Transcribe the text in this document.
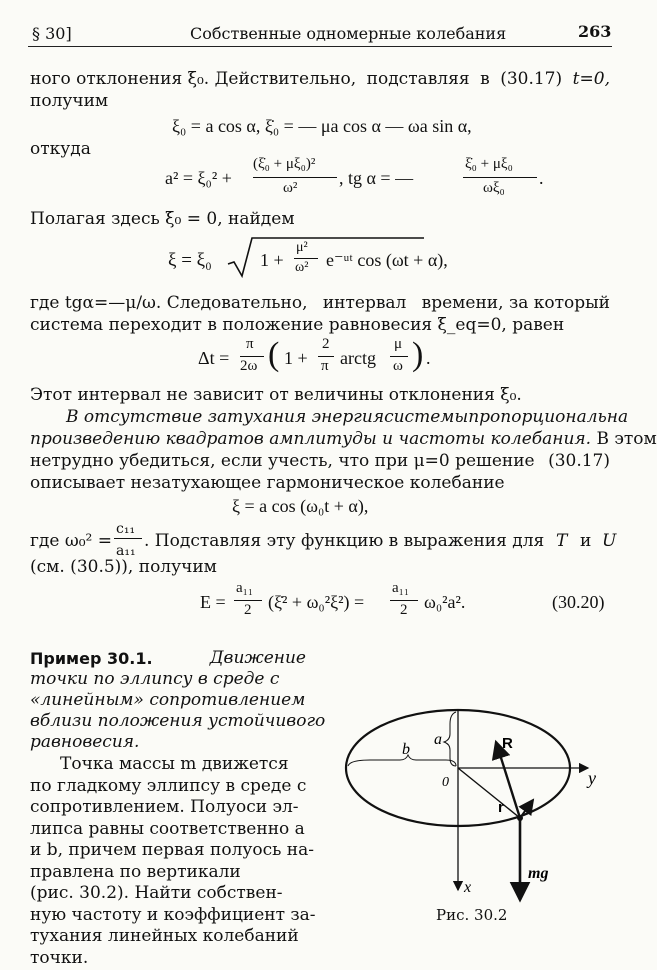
§ 30]	Собственные одномерные колебания	263
ного отклонения ξ₀. Действительно, подставляя в (30.17) t=0,
получим
ξ₀ = a cos α, ξ̇₀ = — μa cos α — ωa sin α,
откуда
a² = ξ₀² +
(ξ̇₀ + μξ₀)²
ω² , tg α = —
ξ̇₀ + μξ₀
ωξ₀ .
Полагая здесь ξ̇₀ = 0, найдем
ξ = ξ₀	1 +
μ²
ω² e⁻ᵘᵗ cos (ωt + α),
где tgα=—μ/ω. Следовательно, интервал времени, за который
система переходит в положение равновесия ξ_eq=0, равен
Δt =
π
2ω ( 1 +
2
π arctg
μ
ω ) .
Этот интервал не зависит от величины отклонения ξ₀.
В отсутствие затухания энергия системы пропорциональна
произведению квадратов амплитуды и частоты колебания. В этом
нетрудно убедиться, если учесть, что при μ=0 решение (30.17)
описывает незатухающее гармоническое колебание
ξ = a cos (ω₀t + α),
где ω₀² =
c₁₁
a₁₁ . Подставляя эту функцию в выражения для T и U
(см. (30.5)), получим
E =
a₁₁
2 (ξ̇² + ω₀²ξ²) =
a₁₁
2 ω₀²a².	(30.20)
Пример 30.1.	Движение
точки по эллипсу в среде с
«линейным» сопротивлением
вблизи положения устойчивого
равновесия.
Точка массы m движется
по гладкому эллипсу в среде с
сопротивлением. Полуоси эл-
липса равны соответственно a
и b, причем первая полуось на-
правлена по вертикали
(рис. 30.2). Найти собствен-
ную частоту и коэффициент за-
тухания линейных колебаний
точки.
a
b
0
R
r
y
x
mg
Рис. 30.2
